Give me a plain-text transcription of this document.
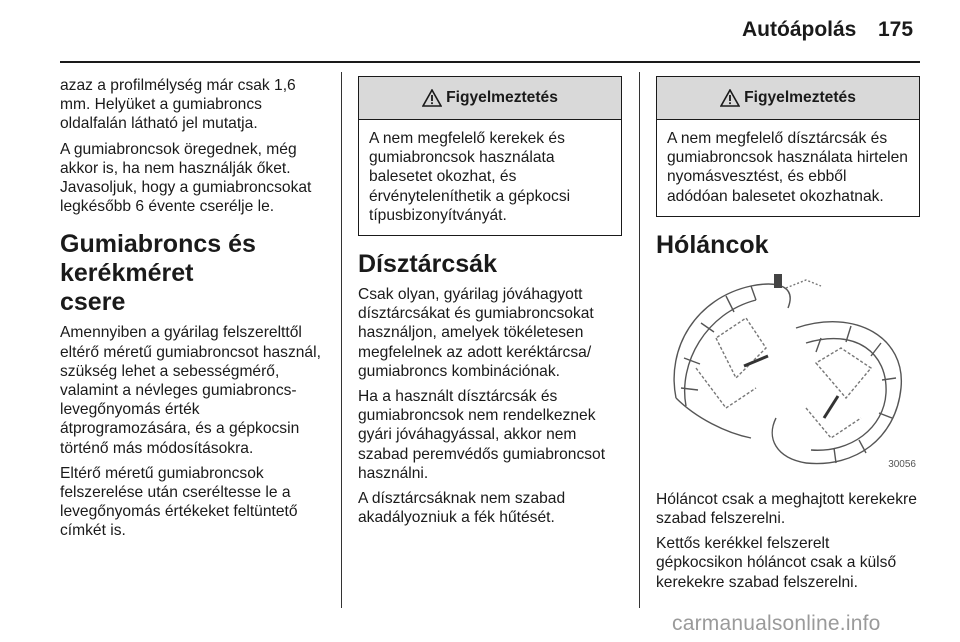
Autóápolás 175

azaz a profilmélység már csak 1,6 mm. Helyüket a gumiabroncs oldalfalán látható jel mutatja.

A gumiabroncsok öregednek, még akkor is, ha nem használják őket. Javasoljuk, hogy a gumiabroncsokat legkésőbb 6 évente cserélje le.

Gumiabroncs és kerékméret csere

Amennyiben a gyárilag felszerelttől eltérő méretű gumiabroncsot használ, szükség lehet a sebességmérő, valamint a névleges gumiabroncs-levegőnyomás érték átprogramozására, és a gépkocsin történő más módosításokra.

Eltérő méretű gumiabroncsok felszerelése után cseréltesse le a levegőnyomás értékeket feltüntető címkét is.

Figyelmeztetés
A nem megfelelő kerekek és gumiabroncsok használata balesetet okozhat, és érvényteleníthetik a gépkocsi típusbizonyítványát.
Dísztárcsák

Csak olyan, gyárilag jóváhagyott dísztárcsákat és gumiabroncsokat használjon, amelyek tökéletesen megfelelnek az adott keréktárcsa/ gumiabroncs kombinációnak.

Ha a használt dísztárcsák és gumiabroncsok nem rendelkeznek gyári jóváhagyással, akkor nem szabad peremvédős gumiabroncsot használni.

A dísztárcsáknak nem szabad akadályozniuk a fék hűtését.

Figyelmeztetés
A nem megfelelő dísztárcsák és gumiabroncsok használata hirtelen nyomásvesztést, és ebből adódóan balesetet okozhatnak.
Hóláncok
30056

Hóláncot csak a meghajtott kerekekre szabad felszerelni.

Kettős kerékkel felszerelt gépkocsikon hóláncot csak a külső kerekekre szabad felszerelni.

carmanualsonline.info
